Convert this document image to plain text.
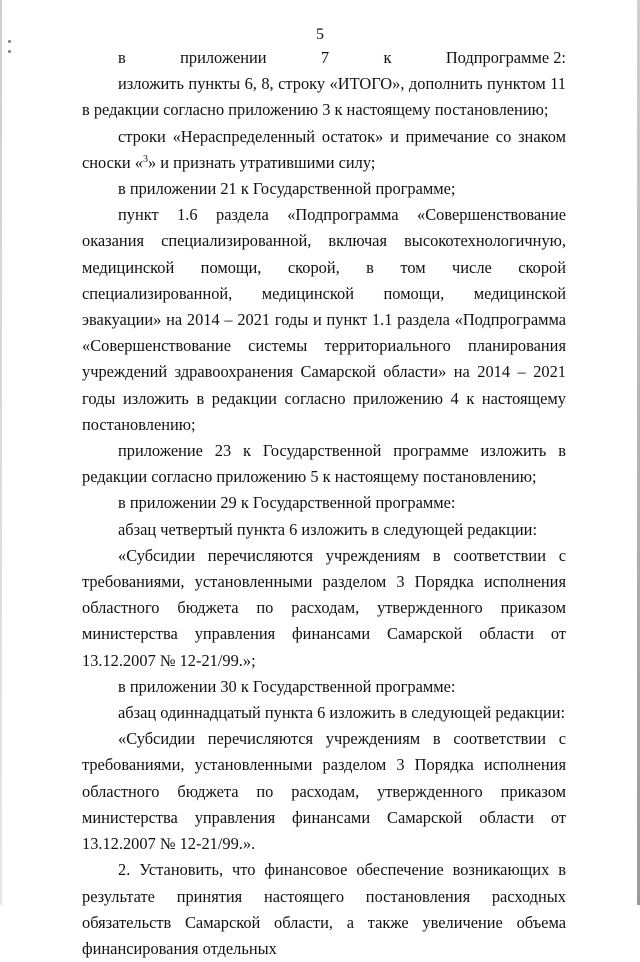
5

в	приложении	7	к	Подпрограмме 2:

изложить пункты 6, 8, строку «ИТОГО», дополнить пунктом 11 в редакции согласно приложению 3 к настоящему постановлению;

строки «Нераспределенный остаток» и примечание со знаком сноски «$^3$» и признать утратившими силу;

в приложении 21 к Государственной программе;

пункт 1.6 раздела «Подпрограмма «Совершенствование оказания специализированной, включая высокотехнологичную, медицинской помощи, скорой, в том числе скорой специализированной, медицинской помощи, медицинской эвакуации» на 2014 – 2021 годы и пункт 1.1 раздела «Подпрограмма «Совершенствование системы территориального планирования учреждений здравоохранения Самарской области» на 2014 – 2021 годы изложить в редакции согласно приложению 4 к настоящему постановлению;

приложение 23 к Государственной программе изложить в редакции согласно приложению 5 к настоящему постановлению;

в приложении 29 к Государственной программе:

абзац четвертый пункта 6 изложить в следующей редакции:

«Субсидии перечисляются учреждениям в соответствии с требованиями, установленными разделом 3 Порядка исполнения областного бюджета по расходам, утвержденного приказом министерства управления финансами Самарской области от 13.12.2007 № 12-21/99.»;

в приложении 30 к Государственной программе:

абзац одиннадцатый пункта 6 изложить в следующей редакции:

«Субсидии перечисляются учреждениям в соответствии с требованиями, установленными разделом 3 Порядка исполнения областного бюджета по расходам, утвержденного приказом министерства управления финансами Самарской области от 13.12.2007 № 12-21/99.».

2. Установить, что финансовое обеспечение возникающих в результате принятия настоящего постановления расходных обязательств Самарской области, а также увеличение объема финансирования отдельных
